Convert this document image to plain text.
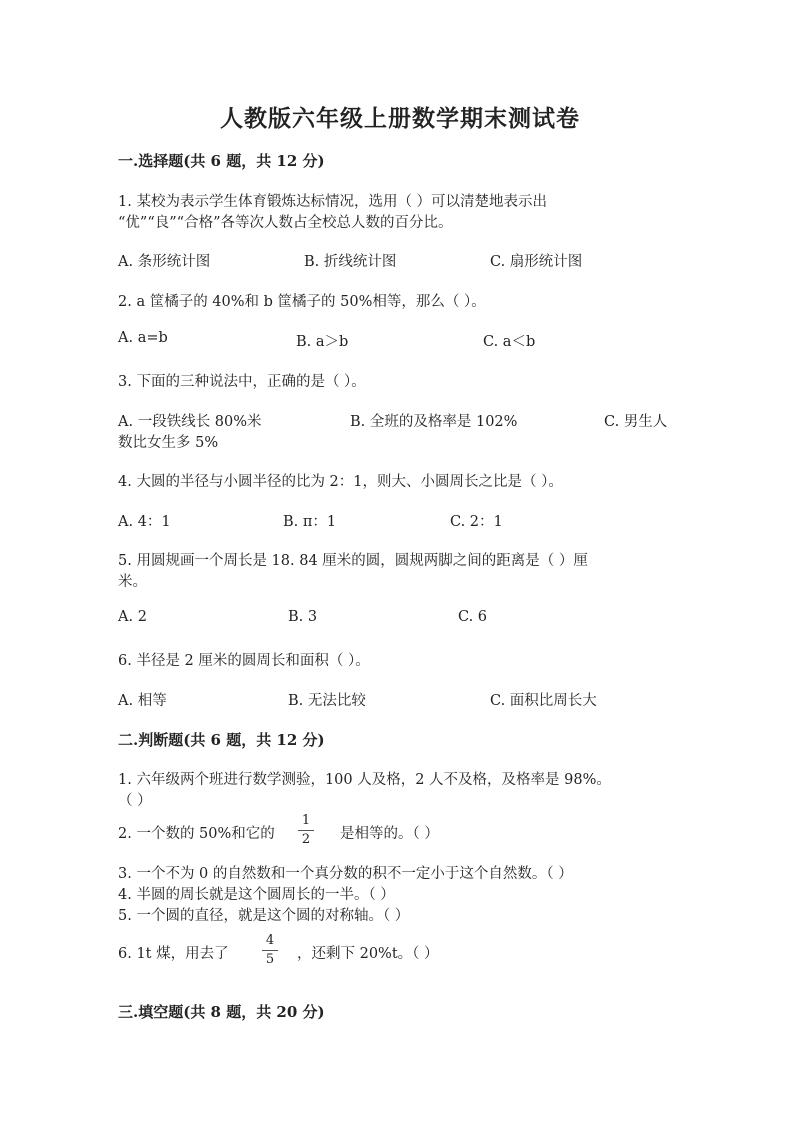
人教版六年级上册数学期末测试卷
一.选择题(共 6 题，共 12 分)
1. 某校为表示学生体育锻炼达标情况，选用（ ）可以清楚地表示出
“优”“良”“合格”各等次人数占全校总人数的百分比。
A. 条形统计图	B. 折线统计图	C. 扇形统计图
2. a 筐橘子的 40%和 b 筐橘子的 50%相等，那么（ ）。
A. a=b	B. a＞b	C. a＜b
3. 下面的三种说法中，正确的是（ ）。
A. 一段铁线长 80%米	B. 全班的及格率是 102%	C. 男生人
数比女生多 5%
4. 大圆的半径与小圆半径的比为 2：1，则大、小圆周长之比是（ ）。
A. 4：1	B. π：1	C. 2：1
5. 用圆规画一个周长是 18. 84 厘米的圆，圆规两脚之间的距离是（ ）厘
米。
A. 2	B. 3	C. 6
6. 半径是 2 厘米的圆周长和面积（ ）。
A. 相等	B. 无法比较	C. 面积比周长大
二.判断题(共 6 题，共 12 分)
1. 六年级两个班进行数学测验，100 人及格，2 人不及格，及格率是 98%。
（ ）
2. 一个数的 50%和它的 $\frac{1}{2}$ 是相等的。（ ）
3. 一个不为 0 的自然数和一个真分数的积不一定小于这个自然数。（ ）
4. 半圆的周长就是这个圆周长的一半。（ ）
5. 一个圆的直径，就是这个圆的对称轴。（ ）
6. 1t 煤，用去了	$\frac{4}{5}$ ，还剩下 20%t。（ ）
三.填空题(共 8 题，共 20 分)
